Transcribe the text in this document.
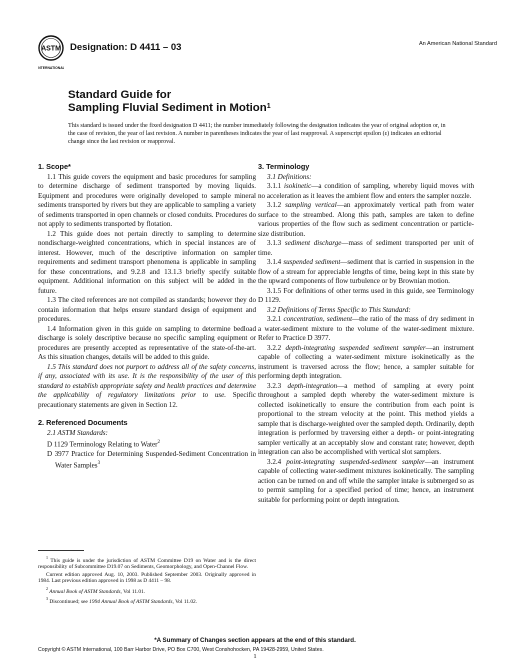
ASTM
INTERNATIONAL
Designation: D 4411 – 03	An American National Standard
Standard Guide for
Sampling Fluvial Sediment in Motion$^1$
This standard is issued under the fixed designation D 4411; the number immediately following the designation indicates the year of original adoption or, in the case of revision, the year of last revision. A number in parentheses indicates the year of last reapproval. A superscript epsilon (ε) indicates an editorial change since the last revision or reapproval.
1. Scope*

1.1 This guide covers the equipment and basic procedures for sampling to determine discharge of sediment transported by moving liquids. Equipment and procedures were originally developed to sample mineral sediments transported by rivers but they are applicable to sampling a variety of sediments transported in open channels or closed conduits. Procedures do not apply to sediments transported by flotation.

1.2 This guide does not pertain directly to sampling to determine nondischarge-weighted concentrations, which in special instances are of interest. However, much of the descriptive information on sampler requirements and sediment transport phenomena is applicable in sampling for these concentrations, and 9.2.8 and 13.1.3 briefly specify suitable equipment. Additional information on this subject will be added in the future.

1.3 The cited references are not compiled as standards; however they do contain information that helps ensure standard design of equipment and procedures.

1.4 Information given in this guide on sampling to determine bedload discharge is solely descriptive because no specific sampling equipment or procedures are presently accepted as representative of the state-of-the-art. As this situation changes, details will be added to this guide.

1.5 This standard does not purport to address all of the safety concerns, if any, associated with its use. It is the responsibility of the user of this standard to establish appropriate safety and health practices and determine the applicability of regulatory limitations prior to use. Specific precautionary statements are given in Section 12.

2. Referenced Documents

2.1 ASTM Standards:

D 1129 Terminology Relating to Water$^2$

D 3977 Practice for Determining Suspended-Sediment Concentration in Water Samples$^3$

$^1$ This guide is under the jurisdiction of ASTM Committee D19 on Water and is the direct responsibility of Subcommittee D19.07 on Sediments, Geomorphology, and Open-Channel Flow.

Current edition approved Aug. 10, 2003. Published September 2003. Originally approved in 1984. Last previous edition approved in 1998 as D 4411 – 98.

$^2$ Annual Book of ASTM Standards, Vol 11.01.

$^3$ Discontinued; see 1994 Annual Book of ASTM Standards, Vol 11.02.

3. Terminology

3.1 Definitions:

3.1.1 isokinetic—a condition of sampling, whereby liquid moves with no acceleration as it leaves the ambient flow and enters the sampler nozzle.

3.1.2 sampling vertical—an approximately vertical path from water surface to the streambed. Along this path, samples are taken to define various properties of the flow such as sediment concentration or particle-size distribution.

3.1.3 sediment discharge—mass of sediment transported per unit of time.

3.1.4 suspended sediment—sediment that is carried in suspension in the flow of a stream for appreciable lengths of time, being kept in this state by the upward components of flow turbulence or by Brownian motion.

3.1.5 For definitions of other terms used in this guide, see Terminology D 1129.

3.2 Definitions of Terms Specific to This Standard:

3.2.1 concentration, sediment—the ratio of the mass of dry sediment in a water-sediment mixture to the volume of the water-sediment mixture. Refer to Practice D 3977.

3.2.2 depth-integrating suspended sediment sampler—an instrument capable of collecting a water-sediment mixture isokinetically as the instrument is traversed across the flow; hence, a sampler suitable for performing depth integration.

3.2.3 depth-integration—a method of sampling at every point throughout a sampled depth whereby the water-sediment mixture is collected isokinetically to ensure the contribution from each point is proportional to the stream velocity at the point. This method yields a sample that is discharge-weighted over the sampled depth. Ordinarily, depth integration is performed by traversing either a depth- or point-integrating sampler vertically at an acceptably slow and constant rate; however, depth integration can also be accomplished with vertical slot samplers.

3.2.4 point-integrating suspended-sediment sampler—an instrument capable of collecting water-sediment mixtures isokinetically. The sampling action can be turned on and off while the sampler intake is submerged so as to permit sampling for a specified period of time; hence, an instrument suitable for performing point or depth integration.

*A Summary of Changes section appears at the end of this standard.
Copyright © ASTM International, 100 Barr Harbor Drive, PO Box C700, West Conshohocken, PA 19428-2959, United States.
1
